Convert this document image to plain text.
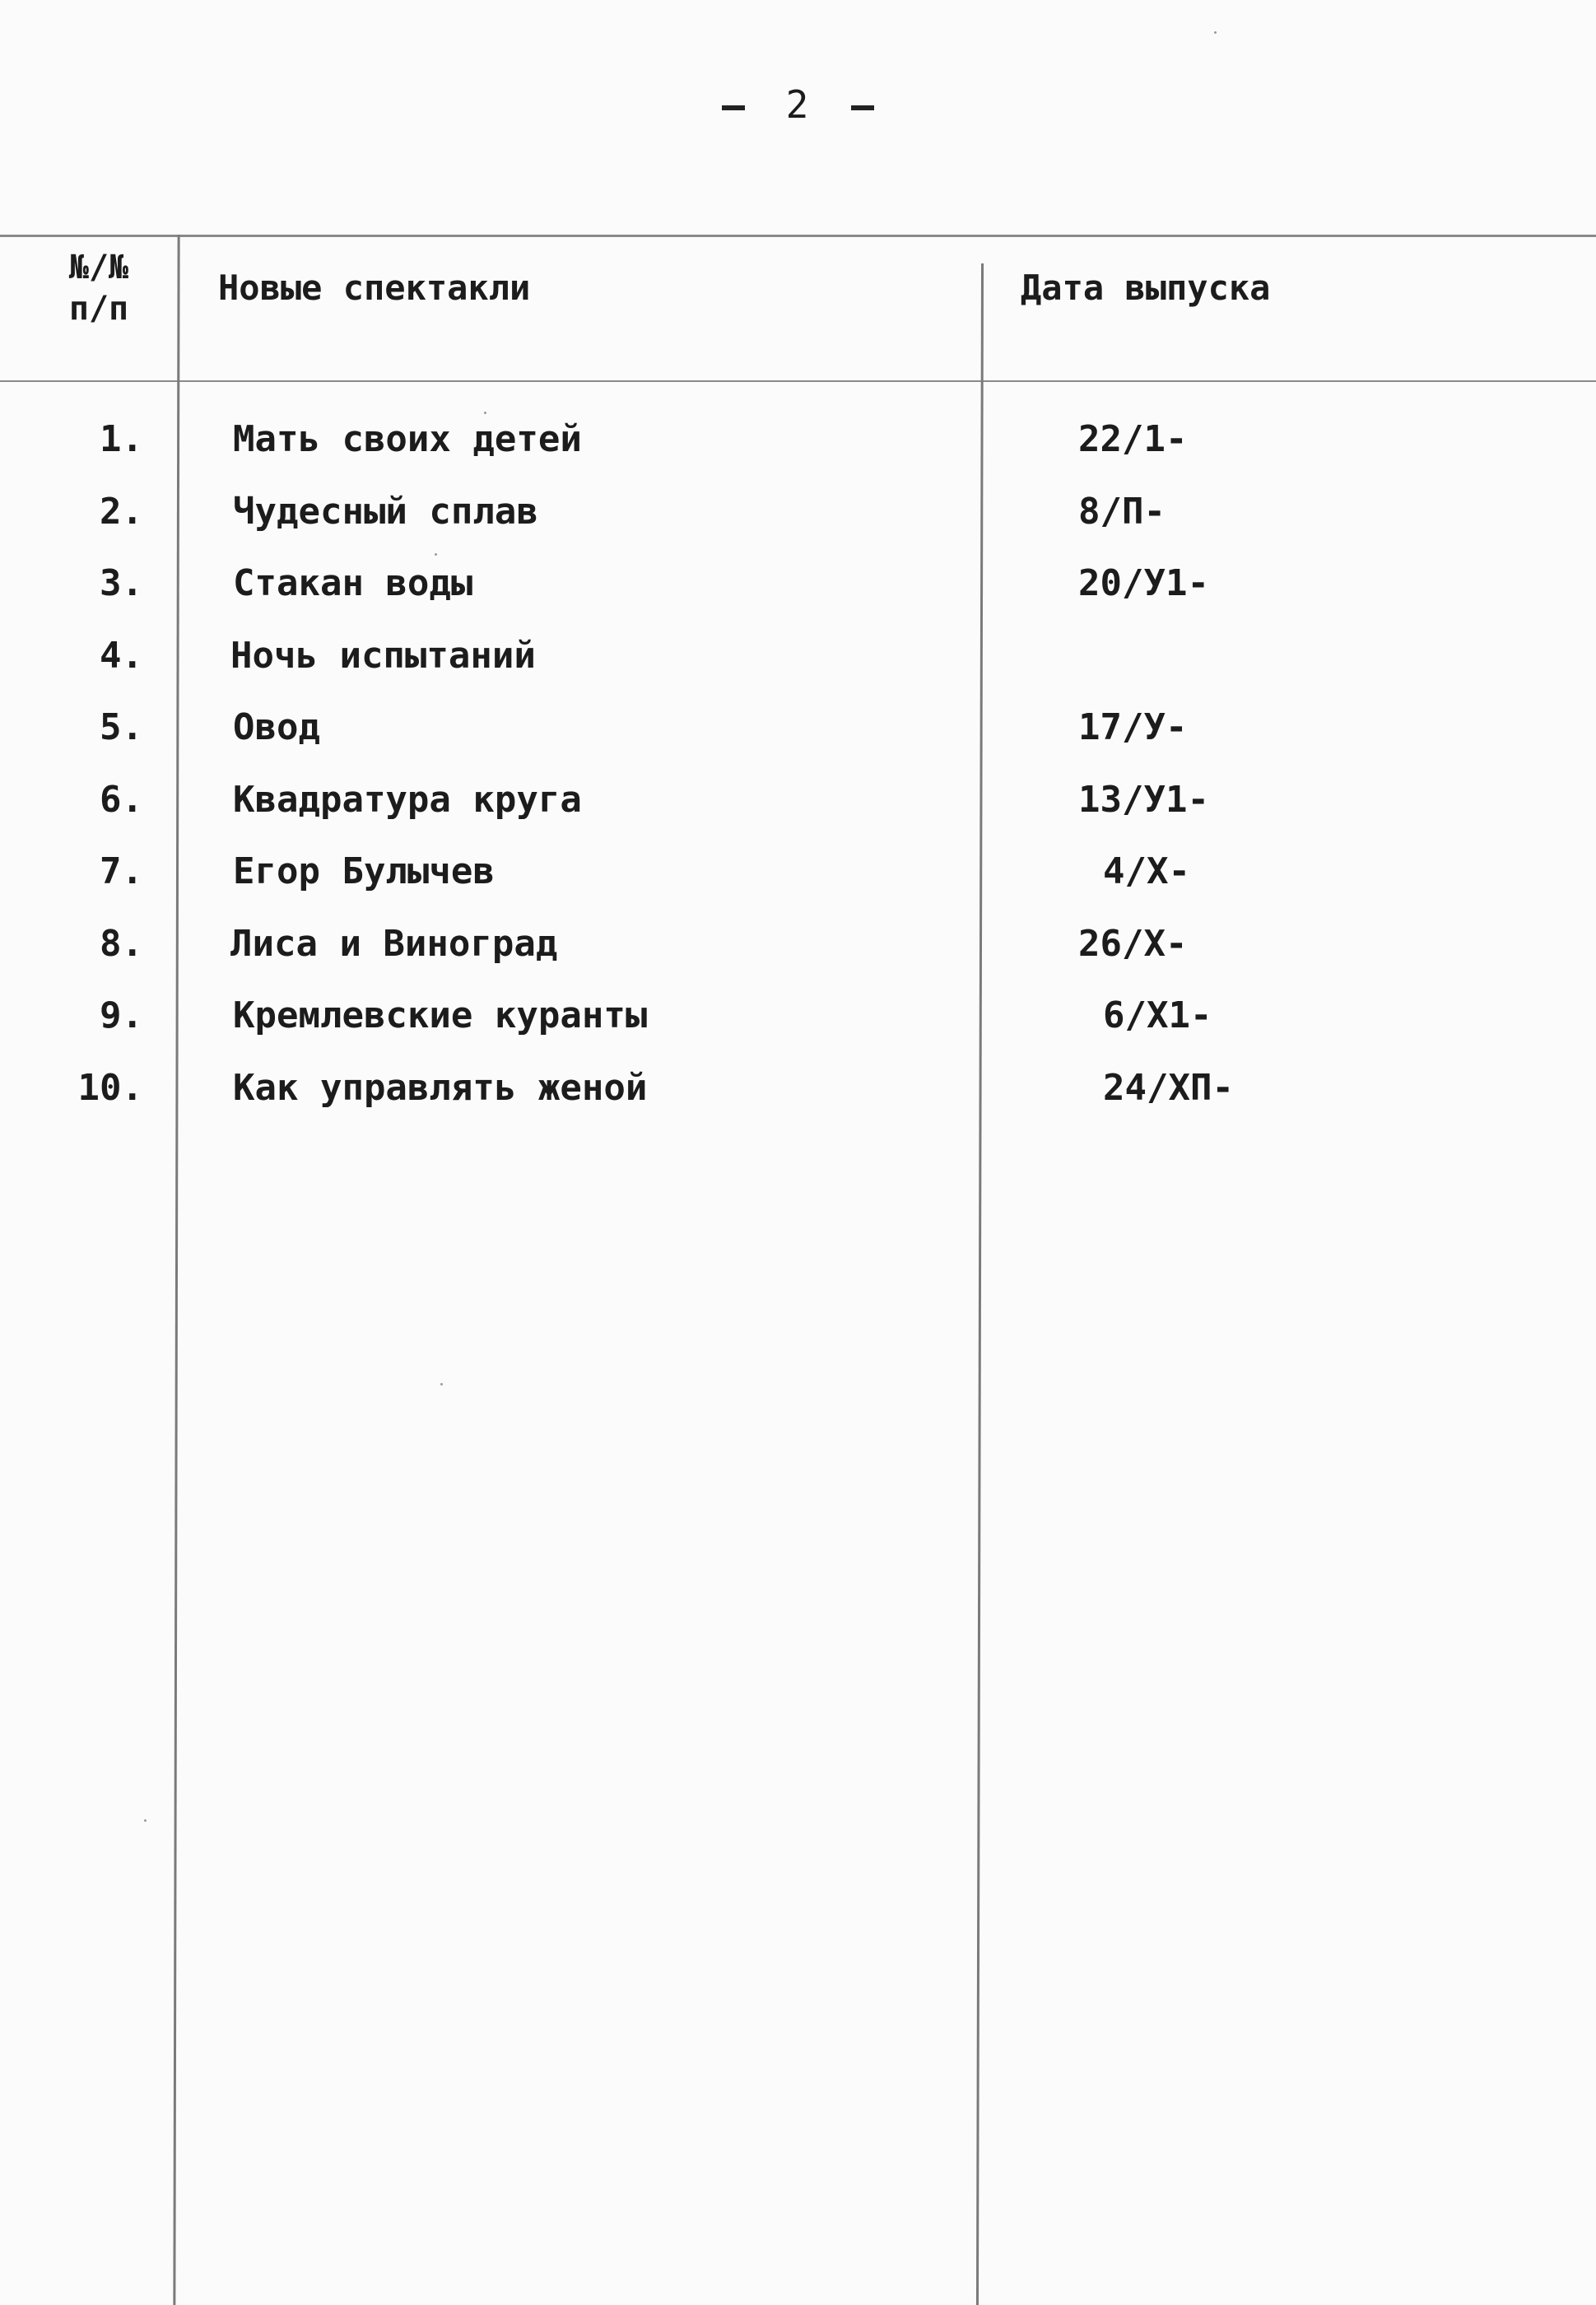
2
№/№
п/п
Новые спектакли	Дата выпуска
1. Мать своих детей	22/1-
2. Чудесный сплав	8/П-
3. Стакан воды	20/У1-
4. Ночь испытаний
5. Овод	17/У-
6. Квадратура круга	13/У1-
7. Егор Булычев	4/Х-
8. Лиса и Виноград	26/Х-
9. Кремлевские куранты	6/Х1-
10. Как управлять женой	24/ХП-
